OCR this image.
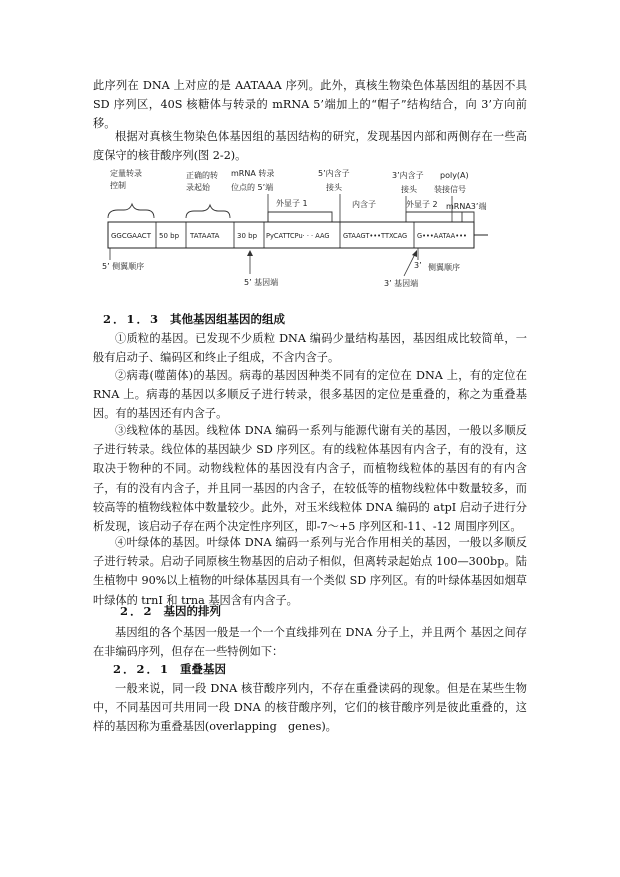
此序列在 DNA 上对应的是 AATAAA 序列。此外，真核生物染色体基因组的基因不具 SD 序列区，40S 核糖体与转录的 mRNA 5’端加上的“帽子”结构结合，向 3’方向前移。

根据对真核生物染色体基因组的基因结构的研究，发现基因内部和两侧存在一些高度保守的核苷酸序列(图 2-2)。

定量转录
控制
正确的转
录起始
mRNA 转录
位点的 5’端
外显子 1
5’内含子
接头
内含子
3’内含子
接头
外显子 2
poly(A)
装接信号
mRNA3’端
GGCGAACT 50 bp TATAATA	30 bp PyCATTCPu· · · AAG GTAAGT•••TTXCAG G•••AATAA•••
5’ 侧翼顺序
5’ 基因端	3’ 基因端
3’ 侧翼顺序

2．1．3 其他基因组基因的组成

①质粒的基因。已发现不少质粒 DNA 编码少量结构基因，基因组成比较简单，一般有启动子、编码区和终止子组成，不含内含子。

②病毒(噬菌体)的基因。病毒的基因因种类不同有的定位在 DNA 上，有的定位在 RNA 上。病毒的基因以多顺反子进行转录，很多基因的定位是重叠的，称之为重叠基因。有的基因还有内含子。

③线粒体的基因。线粒体 DNA 编码一系列与能源代谢有关的基因，一般以多顺反子进行转录。线位体的基因缺少 SD 序列区。有的线粒体基因有内含子，有的没有，这取决于物种的不同。动物线粒体的基因没有内含子，而植物线粒体的基因有的有内含子，有的没有内含子，并且同一基因的内含子，在较低等的植物线粒体中数量较多，而较高等的植物线粒体中数量较少。此外，对玉米线粒体 DNA 编码的 atpI 启动子进行分析发现，该启动子存在两个决定性序列区，即-7～+5 序列区和-11、-12 周围序列区。

④叶绿体的基因。叶绿体 DNA 编码一系列与光合作用相关的基因，一般以多顺反子进行转录。启动子同原核生物基因的启动子相似，但离转录起始点 100—300bp。陆生植物中 90%以上植物的叶绿体基因具有一个类似 SD 序列区。有的叶绿体基因如烟草叶绿体的 trnI 和 trna 基因含有内含子。

2．2 基因的排列

基因组的各个基因一般是一个一个直线排列在 DNA 分子上，并且两个 基因之间存在非编码序列，但存在一些特例如下：

2．2．1 重叠基因

一般来说，同一段 DNA 核苷酸序列内，不存在重叠读码的现象。但是在某些生物中，不同基因可共用同一段 DNA 的核苷酸序列，它们的核苷酸序列是彼此重叠的，这样的基因称为重叠基因(overlapping　genes)。
